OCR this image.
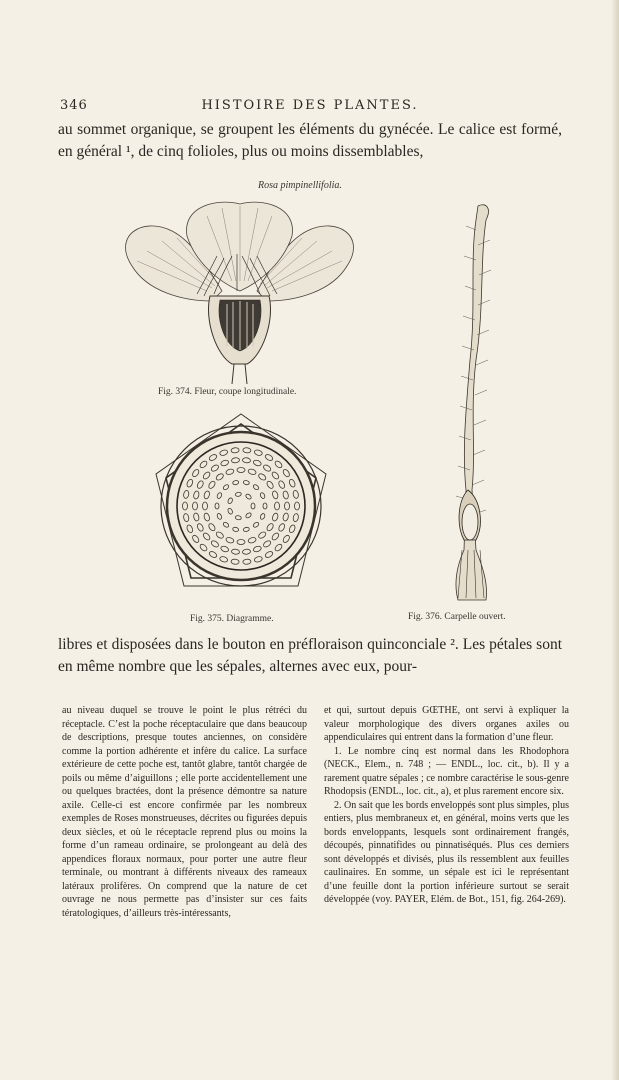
346	HISTOIRE DES PLANTES.
au sommet organique, se groupent les éléments du gynécée. Le calice est formé, en général ¹, de cinq folioles, plus ou moins dissemblables,
Rosa pimpinellifolia.
Fig. 374. Fleur, coupe longitudinale.
Fig. 376. Carpelle ouvert.
Fig. 375. Diagramme.
libres et disposées dans le bouton en préfloraison quinconciale ². Les pétales sont en même nombre que les sépales, alternes avec eux, pour-

au niveau duquel se trouve le point le plus rétréci du réceptacle. C’est la poche réceptaculaire que dans beaucoup de descriptions, presque toutes anciennes, on considère comme la portion adhérente et infère du calice. La surface extérieure de cette poche est, tantôt glabre, tantôt chargée de poils ou même d’aiguillons ; elle porte accidentellement une ou quelques bractées, dont la présence démontre sa nature axile. Celle-ci est encore confirmée par les nombreux exemples de Roses monstrueuses, décrites ou figurées depuis deux siècles, et où le réceptacle reprend plus ou moins la forme d’un rameau ordinaire, se prolongeant au delà des appendices floraux normaux, pour porter une autre fleur terminale, ou montrant à différents niveaux des rameaux latéraux prolifères. On comprend que la nature de cet ouvrage ne nous permette pas d’insister sur ces faits tératologiques, d’ailleurs très-intéressants,

et qui, surtout depuis GŒTHE, ont servi à expliquer la valeur morphologique des divers organes axiles ou appendiculaires qui entrent dans la formation d’une fleur.

1. Le nombre cinq est normal dans les Rhodophora (NECK., Elem., n. 748 ; — ENDL., loc. cit., b). Il y a rarement quatre sépales ; ce nombre caractérise le sous-genre Rhodopsis (ENDL., loc. cit., a), et plus rarement encore six.

2. On sait que les bords enveloppés sont plus simples, plus entiers, plus membraneux et, en général, moins verts que les bords enveloppants, lesquels sont ordinairement frangés, découpés, pinnatifides ou pinnatiséqués. Plus ces derniers sont développés et divisés, plus ils ressemblent aux feuilles caulinaires. En somme, un sépale est ici le représentant d’une feuille dont la portion inférieure surtout se serait développée (voy. PAYER, Elém. de Bot., 151, fig. 264-269).
